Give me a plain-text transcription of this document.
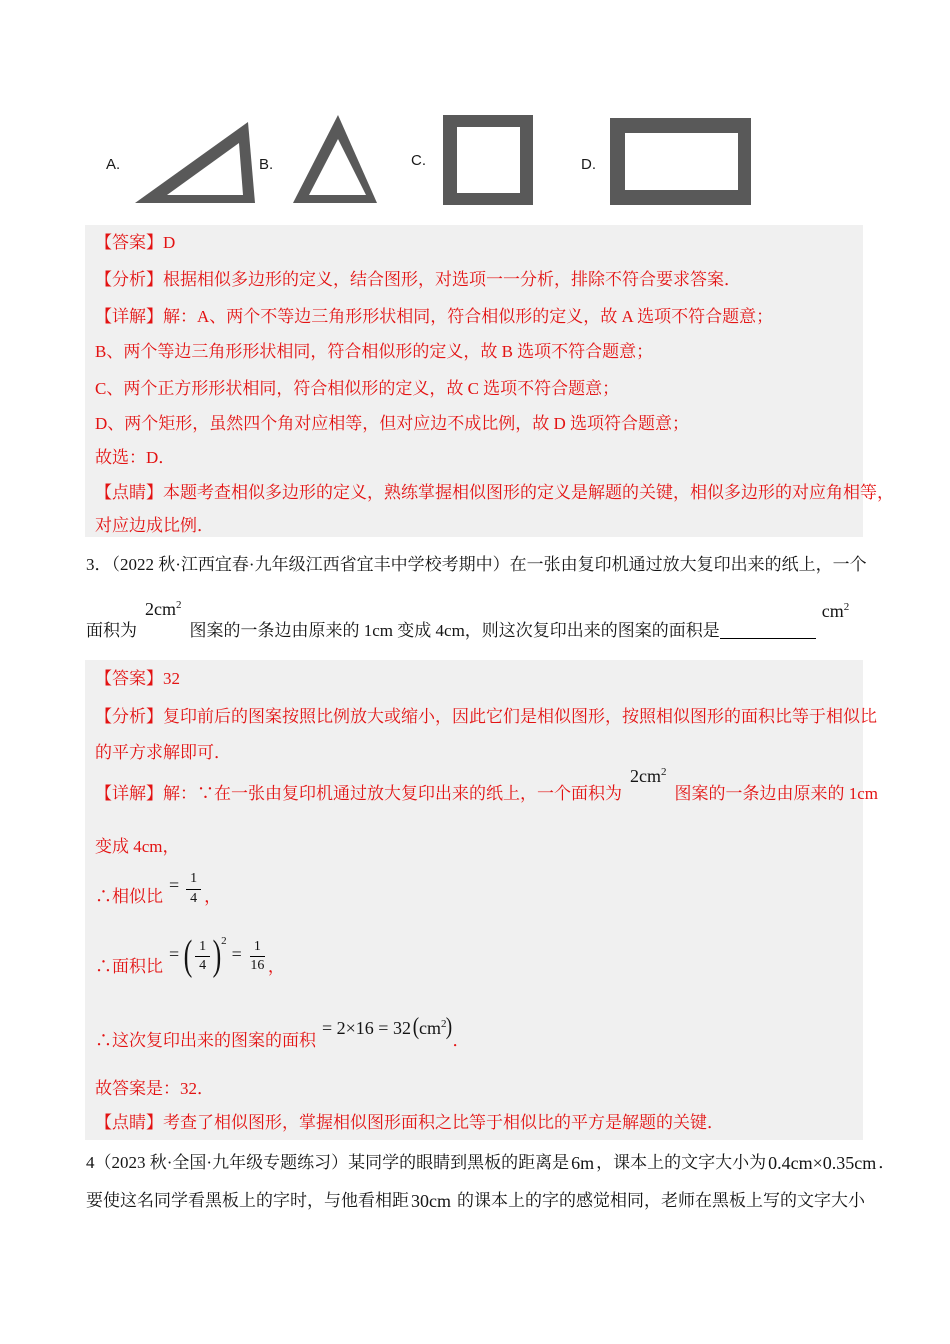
A.	B.	C.	D.
【答案】D
【分析】根据相似多边形的定义，结合图形，对选项一一分析，排除不符合要求答案．
【详解】解：A、两个不等边三角形形状相同，符合相似形的定义，故 A 选项不符合题意；
B、两个等边三角形形状相同，符合相似形的定义，故 B 选项不符合题意；
C、两个正方形形状相同，符合相似形的定义，故 C 选项不符合题意；
D、两个矩形，虽然四个角对应相等，但对应边不成比例，故 D 选项符合题意；
故选：D．
【点睛】本题考查相似多边形的定义，熟练掌握相似图形的定义是解题的关键，相似多边形的对应角相等，
对应边成比例．
3．（2022 秋·江西宜春·九年级江西省宜丰中学校考期中）在一张由复印机通过放大复印出来的纸上，一个
面积为
$2cm^2$
图案的一条边由原来的 1cm 变成 4cm，则这次复印出来的图案的面积是
$cm^2$
【答案】32
【分析】复印前后的图案按照比例放大或缩小，因此它们是相似图形，按照相似图形的面积比等于相似比
的平方求解即可．
【详解】解：∵在一张由复印机通过放大复印出来的纸上，一个面积为
$2cm^2$
图案的一条边由原来的 1cm
变成 4cm，
∴相似比
= $\frac{1}{4}$ ，
∴面积比
= ( $\frac{1}{4}$ ) 2
= $\frac{1}{16}$ ，
∴这次复印出来的图案的面积
= 2×16 = 32 $(cm^2)$
．
故答案是：32．
【点睛】考查了相似图形，掌握相似图形面积之比等于相似比的平方是解题的关键．
4（2023 秋·全国·九年级专题练习）某同学的眼睛到黑板的距离是 6m ，课本上的文字大小为 0.4cm×0.35cm ．
要使这名同学看黑板上的字时，与他看相距 30cm 的课本上的字的感觉相同，老师在黑板上写的文字大小
